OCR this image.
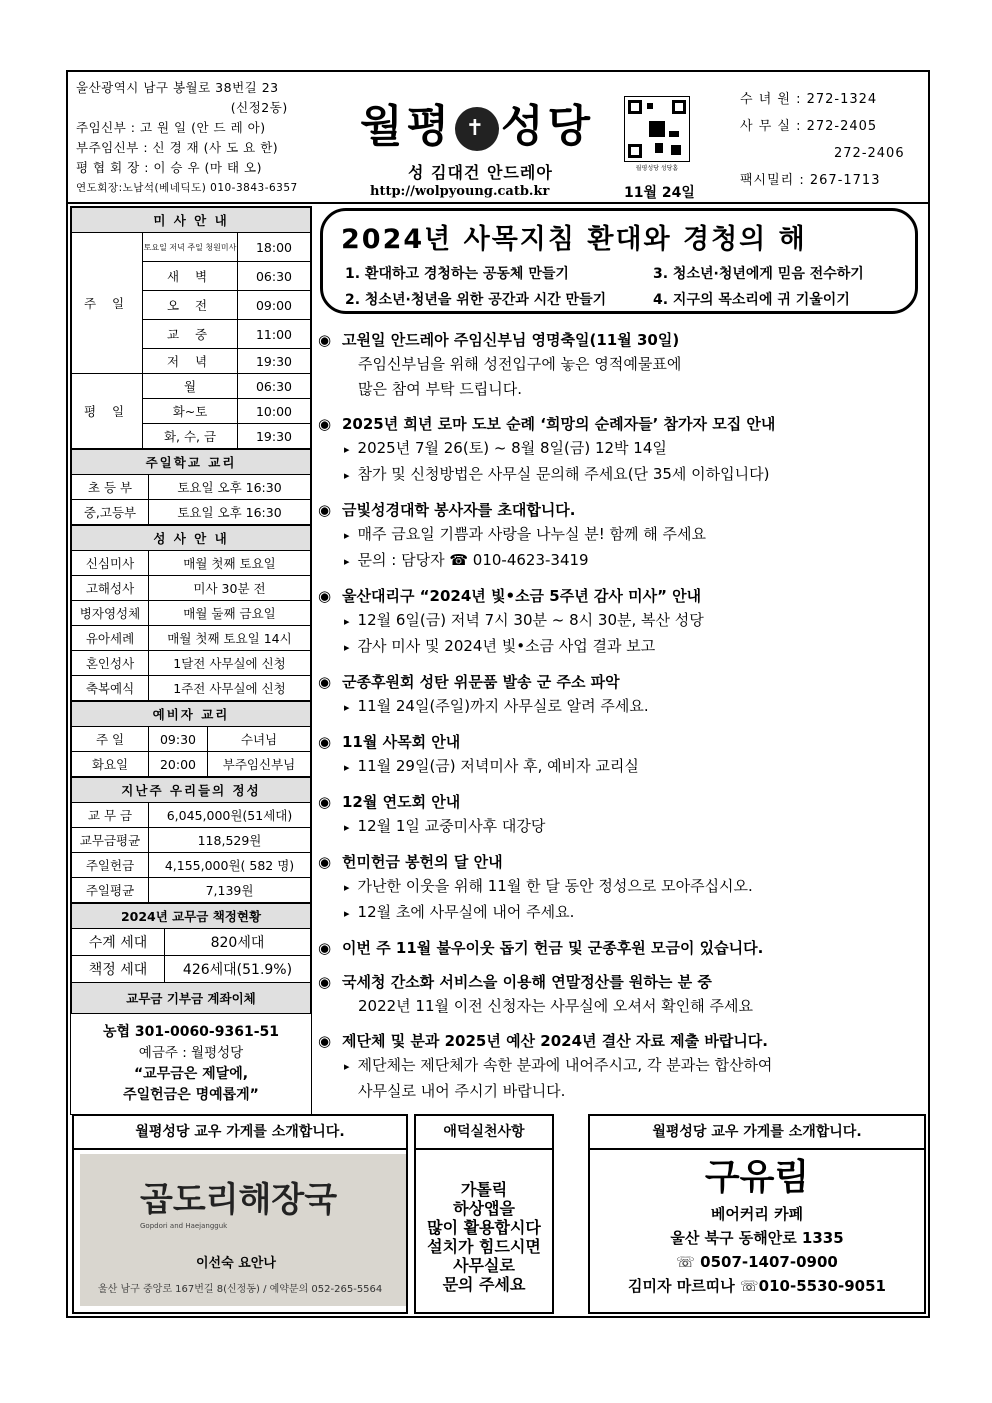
울산광역시 남구 봉월로 38번길 23
(신정2동)
주임신부 : 고 원 일 (안 드 레 아)
부주임신부 : 신 경 재 (사 도 요 한)
평 협 회 장 : 이 승 우 (마 태 오)
연도회장:노남석(베네딕도) 010-3843-6357
월평 ✝ 성당
성 김대건 안드레아
http://wolpyoung.catb.kr	11월 24일
월평성당 성당홈
수 녀 원 : 272-1324
사 무 실 : 272-2405
272-2406
팩시밀리 : 267-1713
미 사 안 내		
주 일	토요일 저녁 주일 청원미사	18:00
	새 벽	06:30
	오 전	09:00
	교 중	11:00
	저 녁	19:30
평 일	월	06:30
	화~토	10:00
	화, 수, 금	19:30
주일학교 교리	
초 등 부	토요일 오후 16:30
중,고등부	토요일 오후 16:30
성 사 안 내	
신심미사	매월 첫째 토요일
고해성사	미사 30분 전
병자영성체	매월 둘째 금요일
유아세례	매월 첫째 토요일 14시
혼인성사	1달전 사무실에 신청
축복예식	1주전 사무실에 신청
예비자 교리		
주 일	09:30	수녀님
화요일	20:00	부주임신부님
지난주 우리들의 정성	
교 무 금	6,045,000원(51세대)
교무금평균	118,529원
주일헌금	4,155,000원( 582 명)
주일평균	7,139원
2024년 교무금 책정현황	
수계 세대	820세대
책정 세대	426세대(51.9%)
교무금 기부금 계좌이체	
농협 301-0060-9361-51
예금주 : 월평성당
“교무금은 제달에,
주일헌금은 명예롭게”
2024년 사목지침 환대와 경청의 해
1. 환대하고 경청하는 공동체 만들기
2. 청소년·청년을 위한 공간과 시간 만들기
3. 청소년·청년에게 믿음 전수하기
4. 지구의 목소리에 귀 기울이기
◉ 고원일 안드레아 주임신부님 영명축일(11월 30일)
주임신부님을 위해 성전입구에 놓은 영적예물표에
많은 참여 부탁 드립니다.
◉ 2025년 희년 로마 도보 순례 ‘희망의 순례자들’ 참가자 모집 안내
▸ 2025년 7월 26(토) ~ 8월 8일(금) 12박 14일
▸ 참가 및 신청방법은 사무실 문의해 주세요(단 35세 이하입니다)
◉ 금빛성경대학 봉사자를 초대합니다.
▸ 매주 금요일 기쁨과 사랑을 나누실 분! 함께 해 주세요
▸ 문의 : 담당자 ☎ 010-4623-3419
◉ 울산대리구 “2024년 빛•소금 5주년 감사 미사” 안내
▸ 12월 6일(금) 저녁 7시 30분 ~ 8시 30분, 복산 성당
▸ 감사 미사 및 2024년 빛•소금 사업 결과 보고
◉ 군종후원회 성탄 위문품 발송 군 주소 파악
▸ 11월 24일(주일)까지 사무실로 알려 주세요.
◉ 11월 사목회 안내
▸ 11월 29일(금) 저녁미사 후, 예비자 교리실
◉ 12월 연도회 안내
▸ 12월 1일 교중미사후 대강당
◉ 헌미헌금 봉헌의 달 안내
▸ 가난한 이웃을 위해 11월 한 달 동안 정성으로 모아주십시오.
▸ 12월 초에 사무실에 내어 주세요.
◉ 이번 주 11월 불우이웃 돕기 헌금 및 군종후원 모금이 있습니다.
◉ 국세청 간소화 서비스을 이용해 연말정산를 원하는 분 중
2022년 11월 이전 신청자는 사무실에 오셔서 확인해 주세요
◉ 제단체 및 분과 2025년 예산 2024년 결산 자료 제출 바랍니다.
▸ 제단체는 제단체가 속한 분과에 내어주시고, 각 분과는 합산하여
사무실로 내어 주시기 바랍니다.
월평성당 교우 가게를 소개합니다.
곱도리해장국
Gopdori and Haejangguk
이선숙 요안나
울산 남구 중앙로 167번길 8(신정동) / 예약문의 052-265-5564
애덕실천사항
가톨릭
하상앱을
많이 활용합시다
설치가 힘드시면
사무실로
문의 주세요
월평성당 교우 가게를 소개합니다.
구유림
베어커리 카페
울산 북구 동해안로 1335
☏ 0507-1407-0900
김미자 마르띠나 ☏010-5530-9051
